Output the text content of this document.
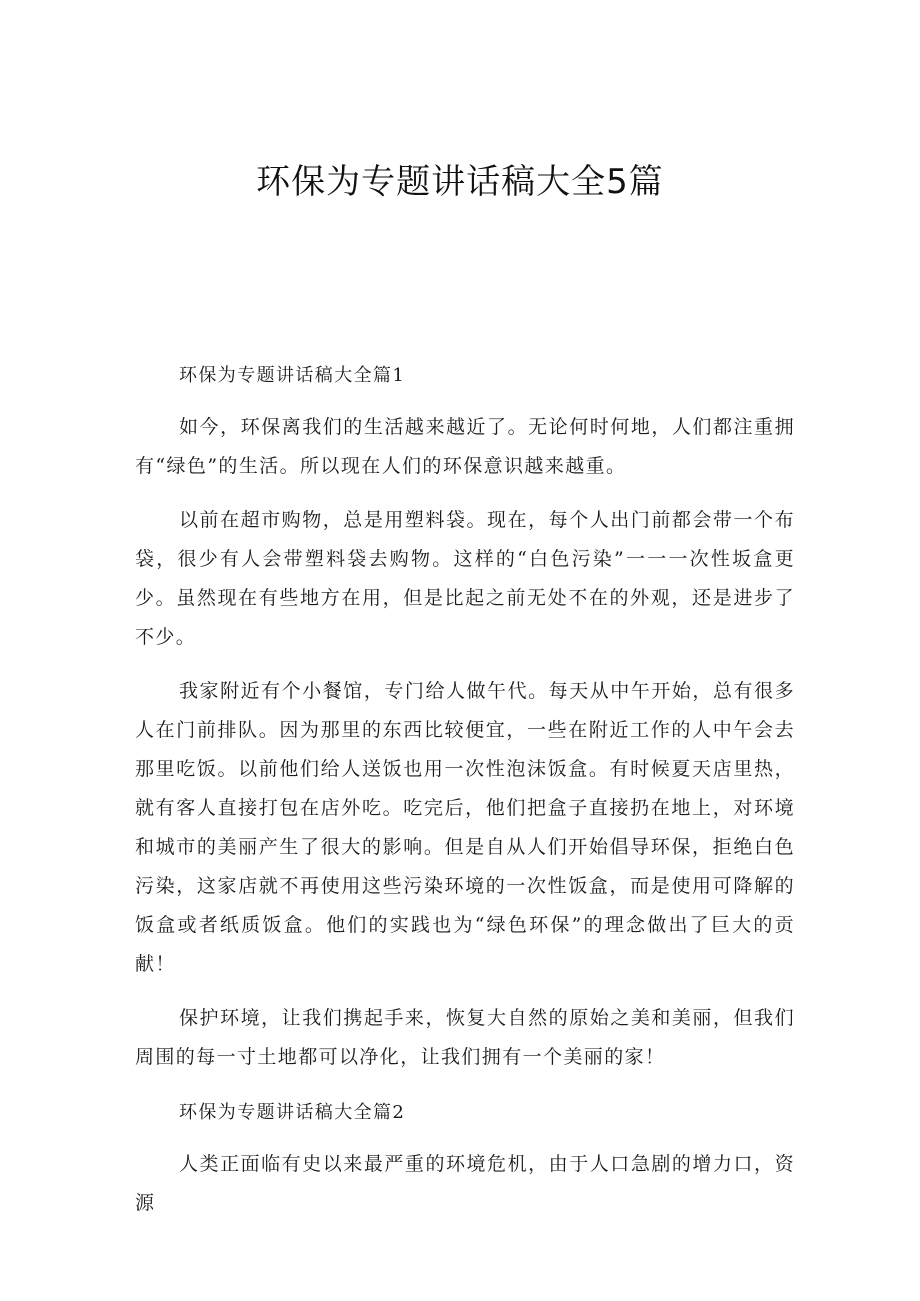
环保为专题讲话稿大全5篇
环保为专题讲话稿大全篇1

如今，环保离我们的生活越来越近了。无论何时何地，人们都注重拥有“绿色”的生活。所以现在人们的环保意识越来越重。

以前在超市购物，总是用塑料袋。现在，每个人出门前都会带一个布袋，很少有人会带塑料袋去购物。这样的“白色污染”一一一次性坂盒更少。虽然现在有些地方在用，但是比起之前无处不在的外观，还是进步了不少。

我家附近有个小餐馆，专门给人做午代。每天从中午开始，总有很多人在门前排队。因为那里的东西比较便宜，一些在附近工作的人中午会去那里吃饭。以前他们给人送饭也用一次性泡沫饭盒。有时候夏天店里热，就有客人直接打包在店外吃。吃完后，他们把盒子直接扔在地上，对环境和城市的美丽产生了很大的影响。但是自从人们开始倡导环保，拒绝白色污染，这家店就不再使用这些污染环境的一次性饭盒，而是使用可降解的饭盒或者纸质饭盒。他们的实践也为“绿色环保”的理念做出了巨大的贡献！

保护环境，让我们携起手来，恢复大自然的原始之美和美丽，但我们周围的每一寸土地都可以净化，让我们拥有一个美丽的家！

环保为专题讲话稿大全篇2

人类正面临有史以来最严重的环境危机，由于人口急剧的增力口，资源
